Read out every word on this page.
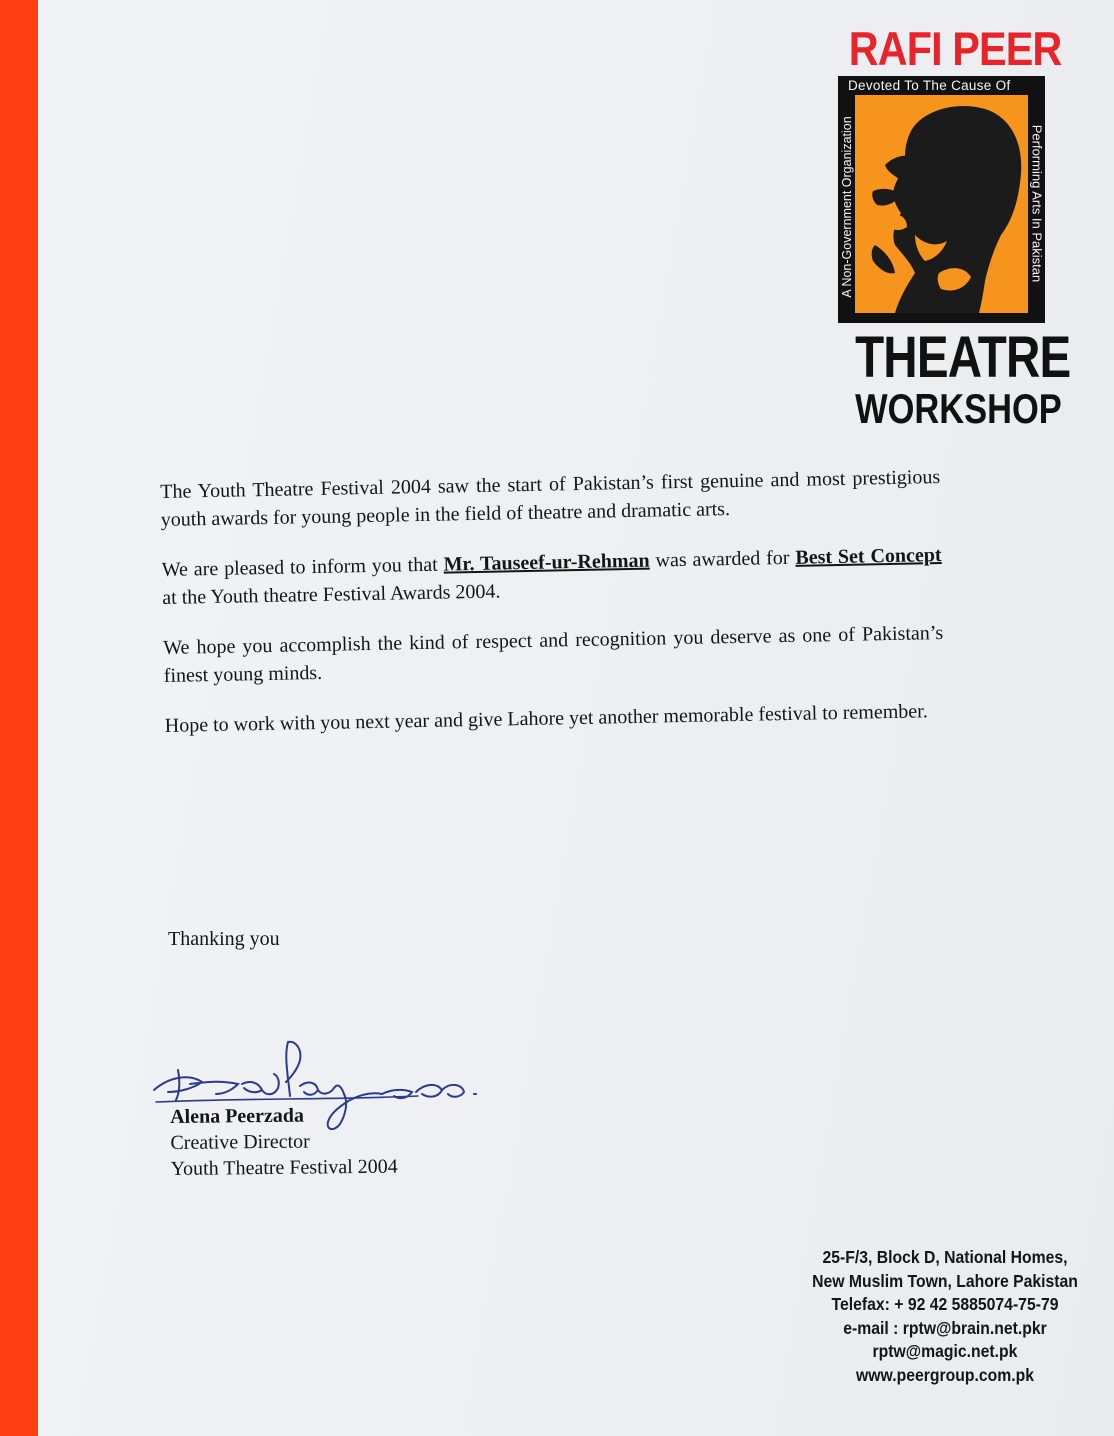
RAFI PEER
Devoted To The Cause Of
A Non-Government Organization	Performing Arts In Pakistan
THEATRE
WORKSHOP

The Youth Theatre Festival 2004 saw the start of Pakistan’s first genuine and most prestigious youth awards for young people in the field of theatre and dramatic arts.

We are pleased to inform you that Mr. Tauseef-ur-Rehman was awarded for Best Set Concept at the Youth theatre Festival Awards 2004.

We hope you accomplish the kind of respect and recognition you deserve as one of Pakistan’s finest young minds.

Hope to work with you next year and give Lahore yet another memorable festival to remember.

Thanking you
Alena Peerzada
Creative Director
Youth Theatre Festival 2004
25-F/3, Block D, National Homes,
New Muslim Town, Lahore Pakistan
Telefax: + 92 42 5885074-75-79
e-mail : rptw@brain.net.pkr
rptw@magic.net.pk
www.peergroup.com.pk
